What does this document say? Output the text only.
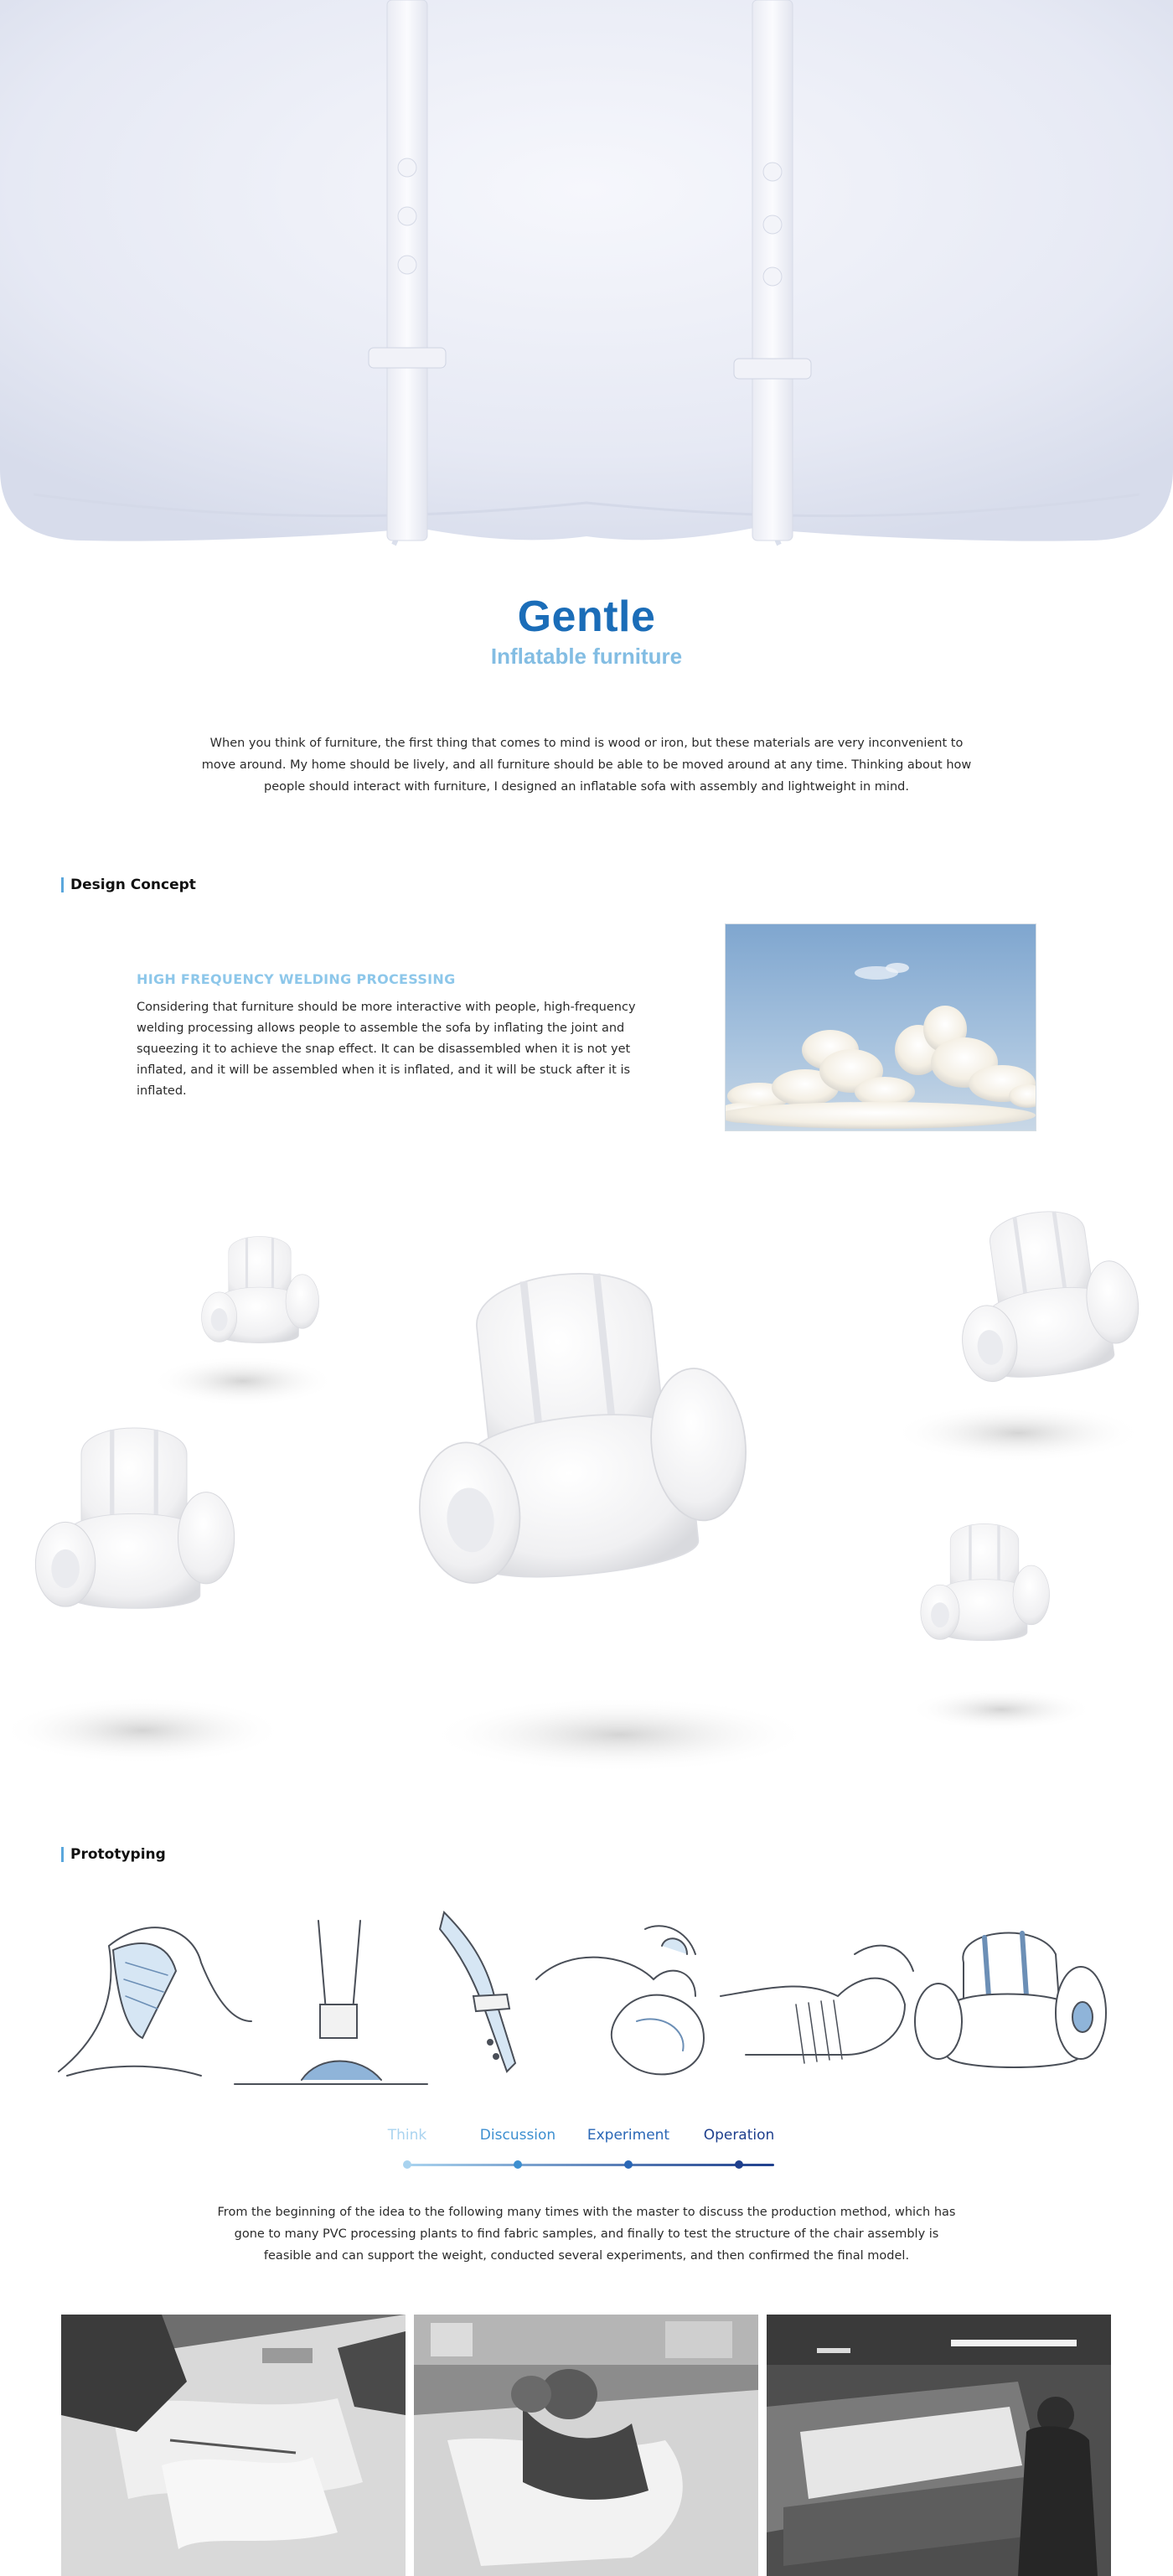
Gentle
Inflatable furniture

When you think of furniture, the first thing that comes to mind is wood or iron, but these materials are very inconvenient to move around. My home should be lively, and all furniture should be able to be moved around at any time. Thinking about how people should interact with furniture, I designed an inflatable sofa with assembly and lightweight in mind.

Design Concept
HIGH FREQUENCY WELDING PROCESSING

Considering that furniture should be more interactive with people, high-frequency welding processing allows people to assemble the sofa by inflating the joint and squeezing it to achieve the snap effect. It can be disassembled when it is not yet inflated, and it will be assembled when it is inflated, and it will be stuck after it is inflated.

Prototyping
Think	Discussion	Experiment	Operation

From the beginning of the idea to the following many times with the master to discuss the production method, which has gone to many PVC processing plants to find fabric samples, and finally to test the structure of the chair assembly is feasible and can support the weight, conducted several experiments, and then confirmed the final model.
